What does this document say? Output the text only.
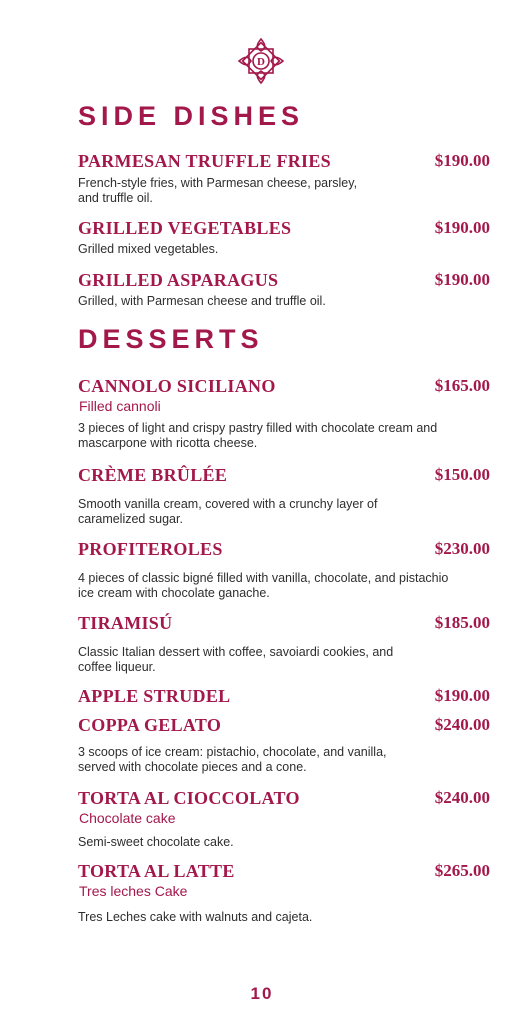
D
SIDE DISHES
PARMESAN TRUFFLE FRIES	$190.00
French-style fries, with Parmesan cheese, parsley, and truffle oil.
GRILLED VEGETABLES	$190.00
Grilled mixed vegetables.
GRILLED ASPARAGUS	$190.00
Grilled, with Parmesan cheese and truffle oil.
DESSERTS
CANNOLO SICILIANO	$165.00
Filled cannoli
3 pieces of light and crispy pastry filled with chocolate cream and mascarpone with ricotta cheese.
CRÈME BRÛLÉE	$150.00
Smooth vanilla cream, covered with a crunchy layer of caramelized sugar.
PROFITEROLES	$230.00
4 pieces of classic bigné filled with vanilla, chocolate, and pistachio ice cream with chocolate ganache.
TIRAMISÚ	$185.00
Classic Italian dessert with coffee, savoiardi cookies, and coffee liqueur.
APPLE STRUDEL	$190.00
COPPA GELATO	$240.00
3 scoops of ice cream: pistachio, chocolate, and vanilla, served with chocolate pieces and a cone.
TORTA AL CIOCCOLATO	$240.00
Chocolate cake
Semi-sweet chocolate cake.
TORTA AL LATTE	$265.00
Tres leches Cake
Tres Leches cake with walnuts and cajeta.
10
